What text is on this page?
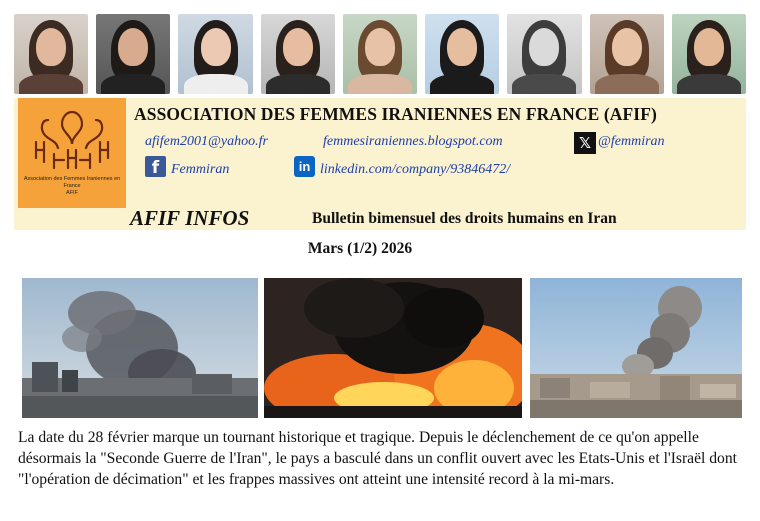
Association des Femmes Iraniennes en France
AFIF
ASSOCIATION DES FEMMES IRANIENNES EN FRANCE (AFIF)
afifem2001@yahoo.fr	femmesiraniennes.blogspot.com	𝕏 @femmiran
f Femmiran	in linkedin.com/company/93846472/
AFIF INFOS	Bulletin bimensuel des droits humains en Iran
Mars (1/2) 2026
La date du 28 février marque un tournant historique et tragique. Depuis le déclenchement de ce qu'on appelle désormais la "Seconde Guerre de l'Iran", le pays a basculé dans un conflit ouvert avec les Etats-Unis et l'Israël dont "l'opération de décimation" et les frappes massives ont atteint une intensité record à la mi-mars.
